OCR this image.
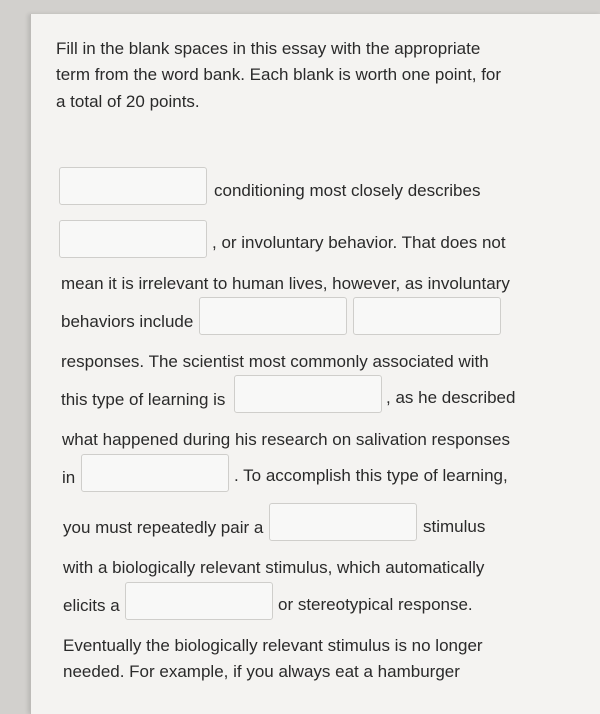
Fill in the blank spaces in this essay with the appropriate
term from the word bank. Each blank is worth one point, for
a total of 20 points.
conditioning most closely describes
, or involuntary behavior. That does not
mean it is irrelevant to human lives, however, as involuntary
behaviors include
responses. The scientist most commonly associated with
this type of learning is	, as he described
what happened during his research on salivation responses
in	. To accomplish this type of learning,
you must repeatedly pair a	stimulus
with a biologically relevant stimulus, which automatically
elicits a	or stereotypical response.
Eventually the biologically relevant stimulus is no longer
needed. For example, if you always eat a hamburger
